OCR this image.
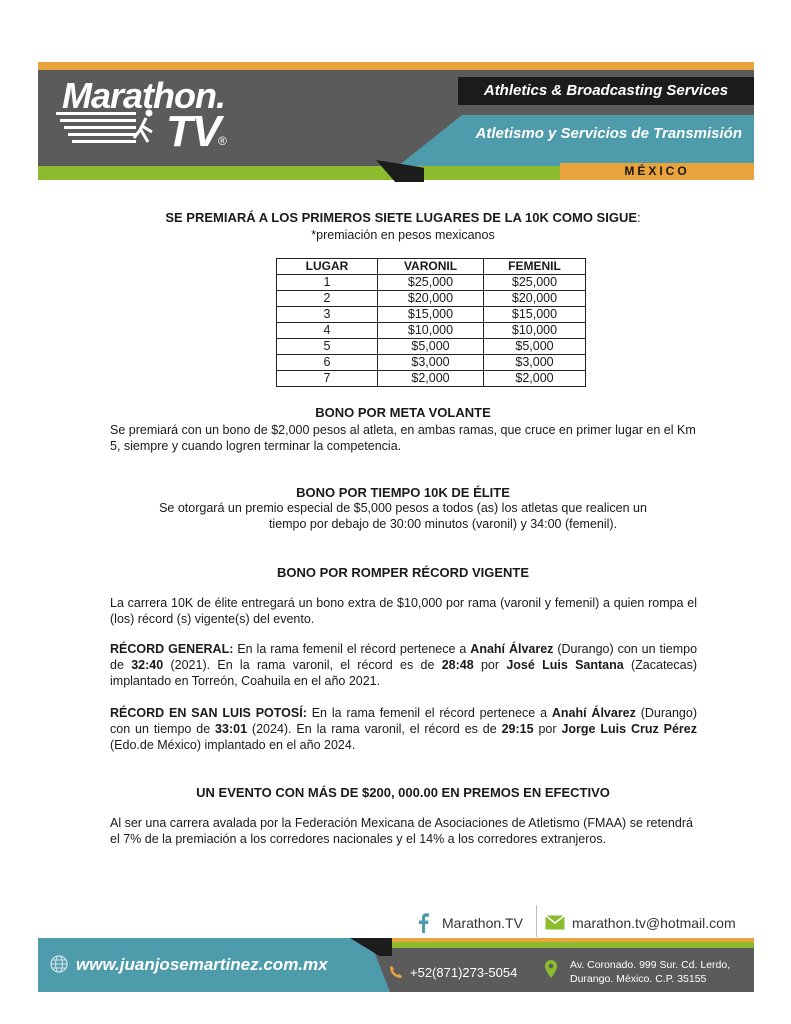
MÉXICO
Marathon.
TV
®
Athletics & Broadcasting Services
Atletismo y Servicios de Transmisión
SE PREMIARÁ A LOS PRIMEROS SIETE LUGARES DE LA 10K COMO SIGUE:
*premiación en pesos mexicanos
LUGAR	VARONIL	FEMENIL
1	$25,000	$25,000
2	$20,000	$20,000
3	$15,000	$15,000
4	$10,000	$10,000
5	$5,000	$5,000
6	$3,000	$3,000
7	$2,000	$2,000
BONO POR META VOLANTE
Se premiará con un bono de $2,000 pesos al atleta, en ambas ramas, que cruce en primer lugar en el Km 5, siempre y cuando logren terminar la competencia.
BONO POR TIEMPO 10K DE ÉLITE
Se otorgará un premio especial de $5,000 pesos a todos (as) los atletas que realicen un
tiempo por debajo de 30:00 minutos (varonil) y 34:00 (femenil).
BONO POR ROMPER RÉCORD VIGENTE
La carrera 10K de élite entregará un bono extra de $10,000 por rama (varonil y femenil) a quien rompa el (los) récord (s) vigente(s) del evento.
RÉCORD GENERAL: En la rama femenil el récord pertenece a Anahí Álvarez (Durango) con un tiempo de 32:40 (2021). En la rama varonil, el récord es de 28:48 por José Luis Santana (Zacatecas) implantado en Torreón, Coahuila en el año 2021.
RÉCORD EN SAN LUIS POTOSÍ: En la rama femenil el récord pertenece a Anahí Álvarez (Durango) con un tiempo de 33:01 (2024). En la rama varonil, el récord es de 29:15 por Jorge Luis Cruz Pérez (Edo.de México) implantado en el año 2024.
UN EVENTO CON MÁS DE $200, 000.00 EN PREMOS EN EFECTIVO
Al ser una carrera avalada por la Federación Mexicana de Asociaciones de Atletismo (FMAA) se retendrá el 7% de la premiación a los corredores nacionales y el 14% a los corredores extranjeros.
Marathon.TV	marathon.tv@hotmail.com
www.juanjosemartinez.com.mx	+52(871)273-5054	Av. Coronado. 999 Sur. Cd. Lerdo,
Durango. México. C.P. 35155
